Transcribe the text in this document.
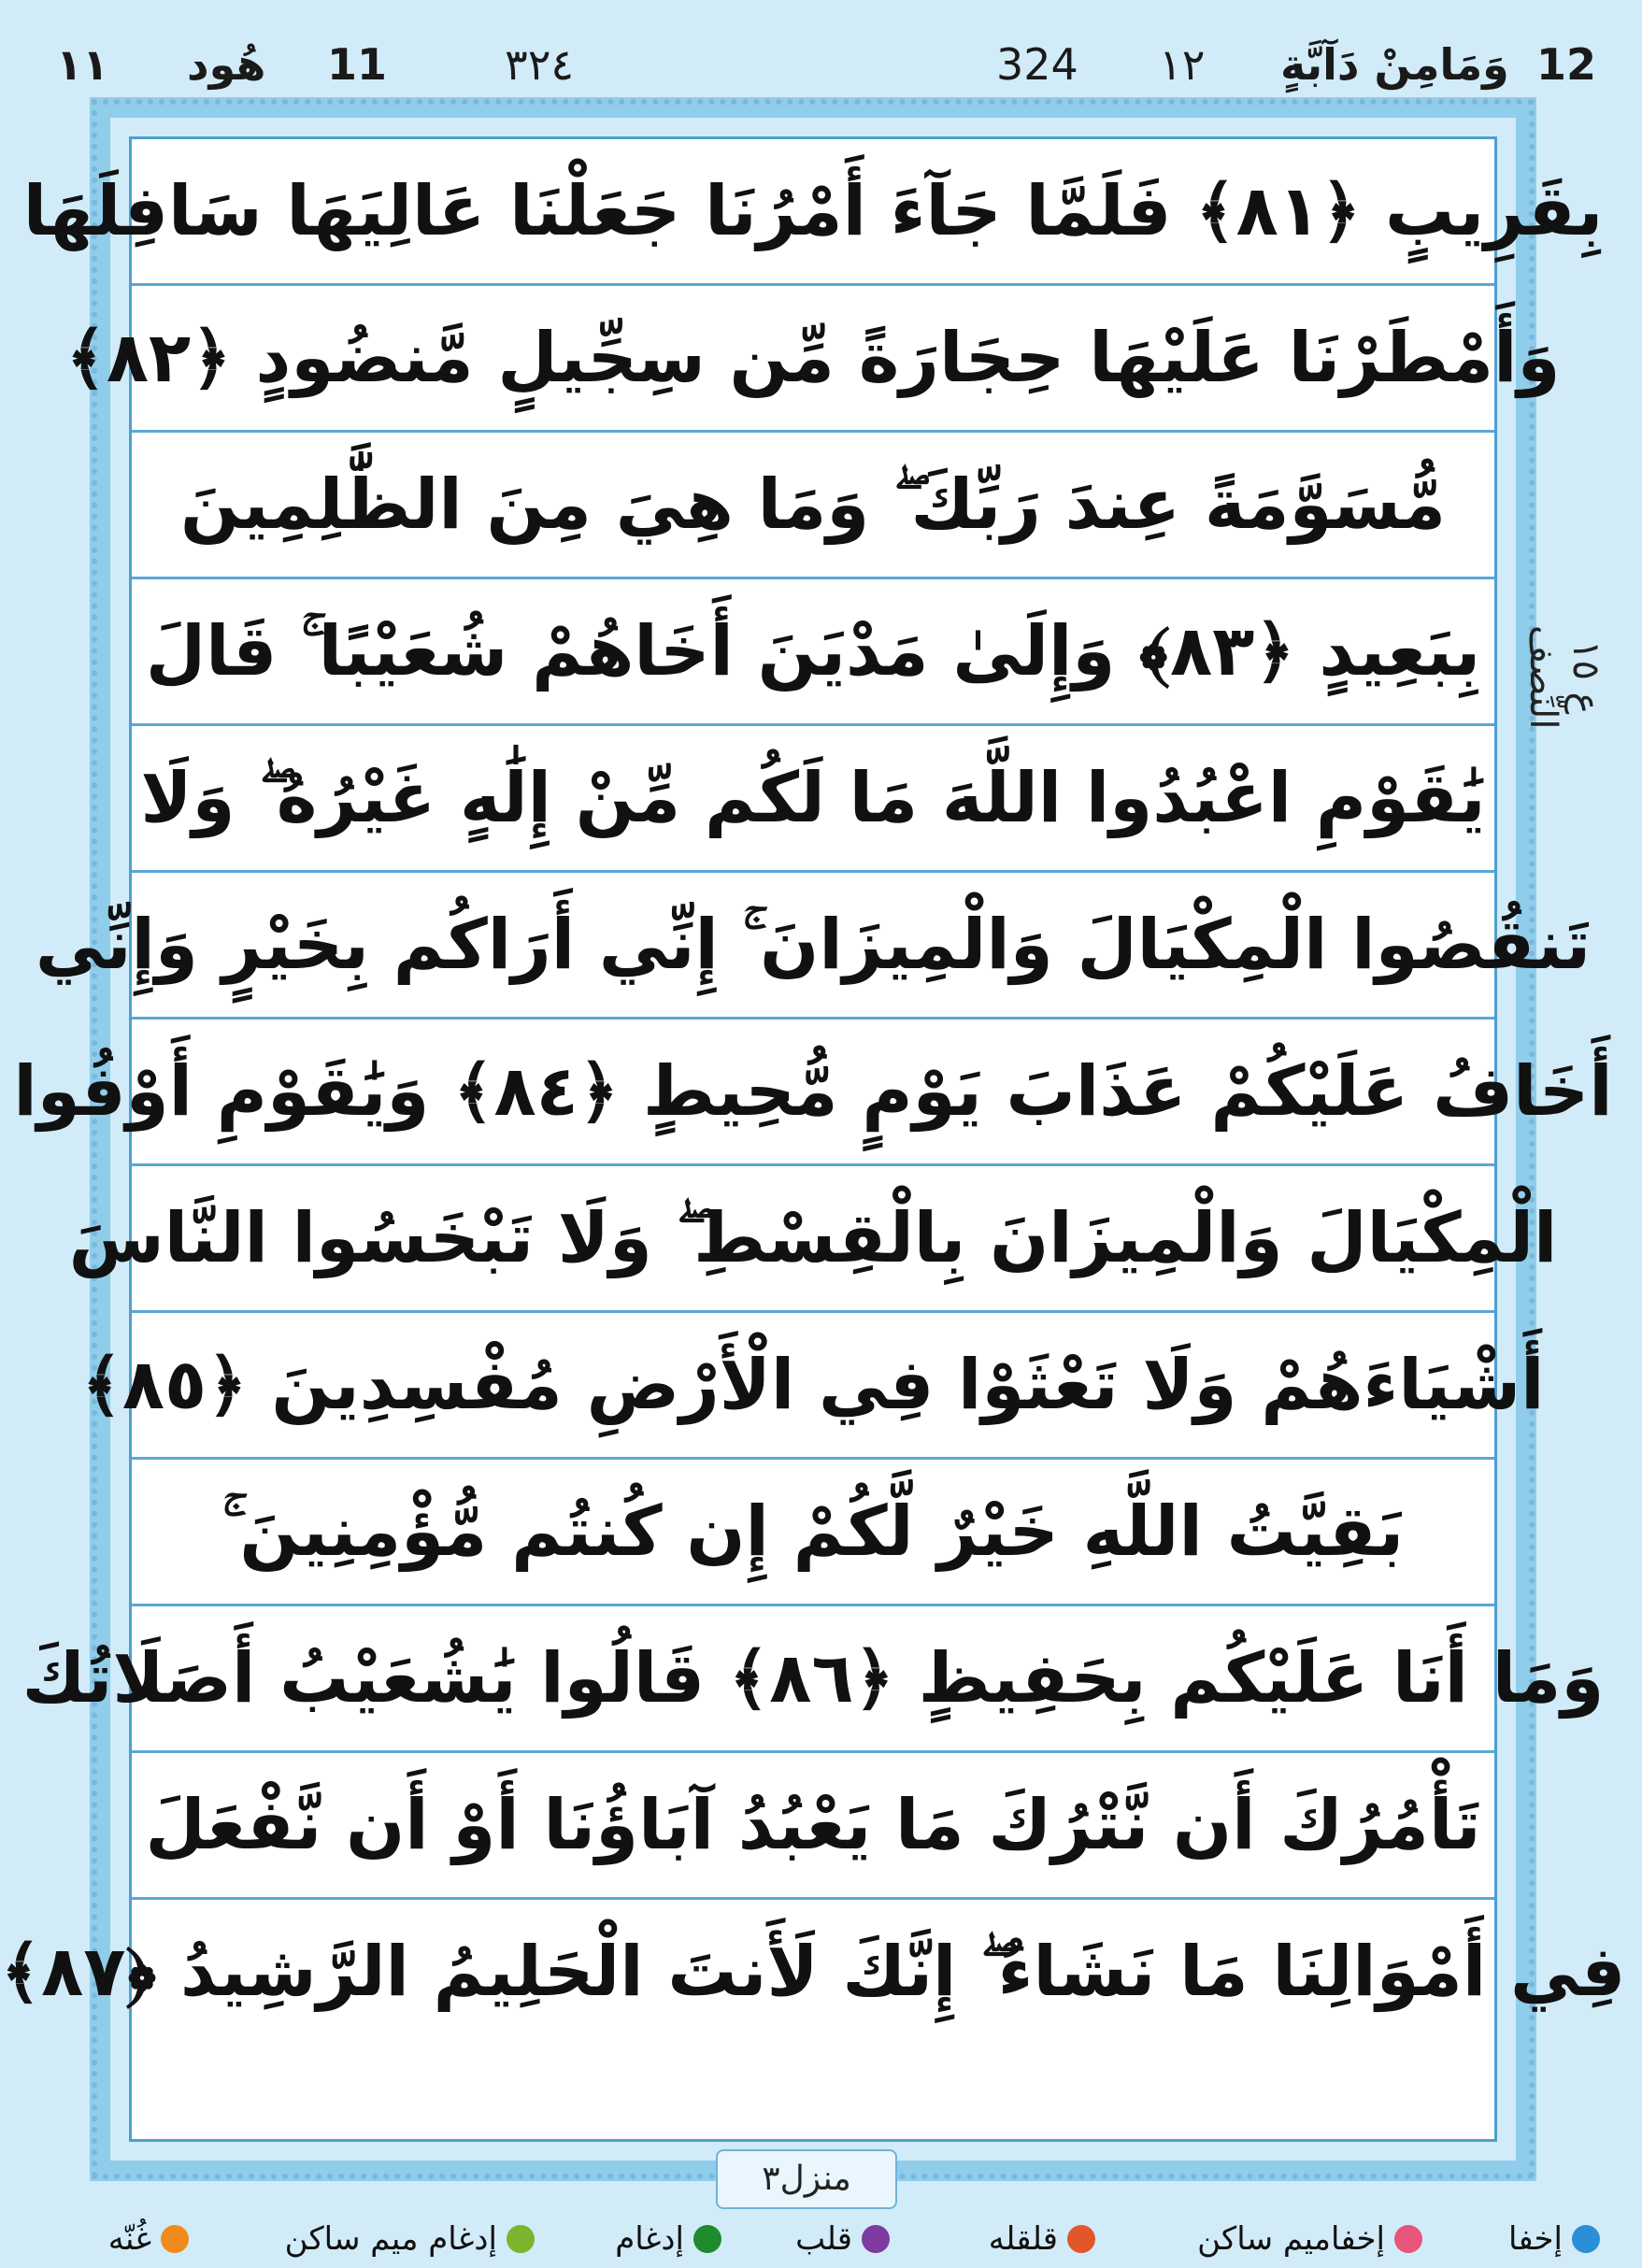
١١ هُود 11	٣٢٤	324 ١٢ وَمَامِنْ دَآبَّةٍ 12
بِقَرِيبٍ ﴿٨١﴾ فَلَمَّا جَآءَ أَمْرُنَا جَعَلْنَا عَالِيَهَا سَافِلَهَا
وَأَمْطَرْنَا عَلَيْهَا حِجَارَةً مِّن سِجِّيلٍ مَّنضُودٍ ﴿٨٢﴾
مُّسَوَّمَةً عِندَ رَبِّكَ ۖ وَمَا هِيَ مِنَ الظَّٰلِمِينَ
بِبَعِيدٍ ﴿٨٣﴾ وَإِلَىٰ مَدْيَنَ أَخَاهُمْ شُعَيْبًا ۚ قَالَ
يَٰقَوْمِ اعْبُدُوا اللَّهَ مَا لَكُم مِّنْ إِلَٰهٍ غَيْرُهُ ۖ وَلَا
تَنقُصُوا الْمِكْيَالَ وَالْمِيزَانَ ۚ إِنِّي أَرَاكُم بِخَيْرٍ وَإِنِّي
أَخَافُ عَلَيْكُمْ عَذَابَ يَوْمٍ مُّحِيطٍ ﴿٨٤﴾ وَيَٰقَوْمِ أَوْفُوا
الْمِكْيَالَ وَالْمِيزَانَ بِالْقِسْطِ ۖ وَلَا تَبْخَسُوا النَّاسَ
أَشْيَاءَهُمْ وَلَا تَعْثَوْا فِي الْأَرْضِ مُفْسِدِينَ ﴿٨٥﴾
بَقِيَّتُ اللَّهِ خَيْرٌ لَّكُمْ إِن كُنتُم مُّؤْمِنِينَ ۚ
وَمَا أَنَا عَلَيْكُم بِحَفِيظٍ ﴿٨٦﴾ قَالُوا يَٰشُعَيْبُ أَصَلَاتُكَ
تَأْمُرُكَ أَن نَّتْرُكَ مَا يَعْبُدُ آبَاؤُنَا أَوْ أَن نَّفْعَلَ
فِي أَمْوَالِنَا مَا نَشَاءُ ۖ إِنَّكَ لَأَنتَ الْحَلِيمُ الرَّشِيدُ ﴿٨٧﴾
ع ١٥ النِّصف
منزل٣
إخفا
إخفاميم ساكن
قلقله
قلب
إدغام
إدغام ميم ساكن
غُنّه
